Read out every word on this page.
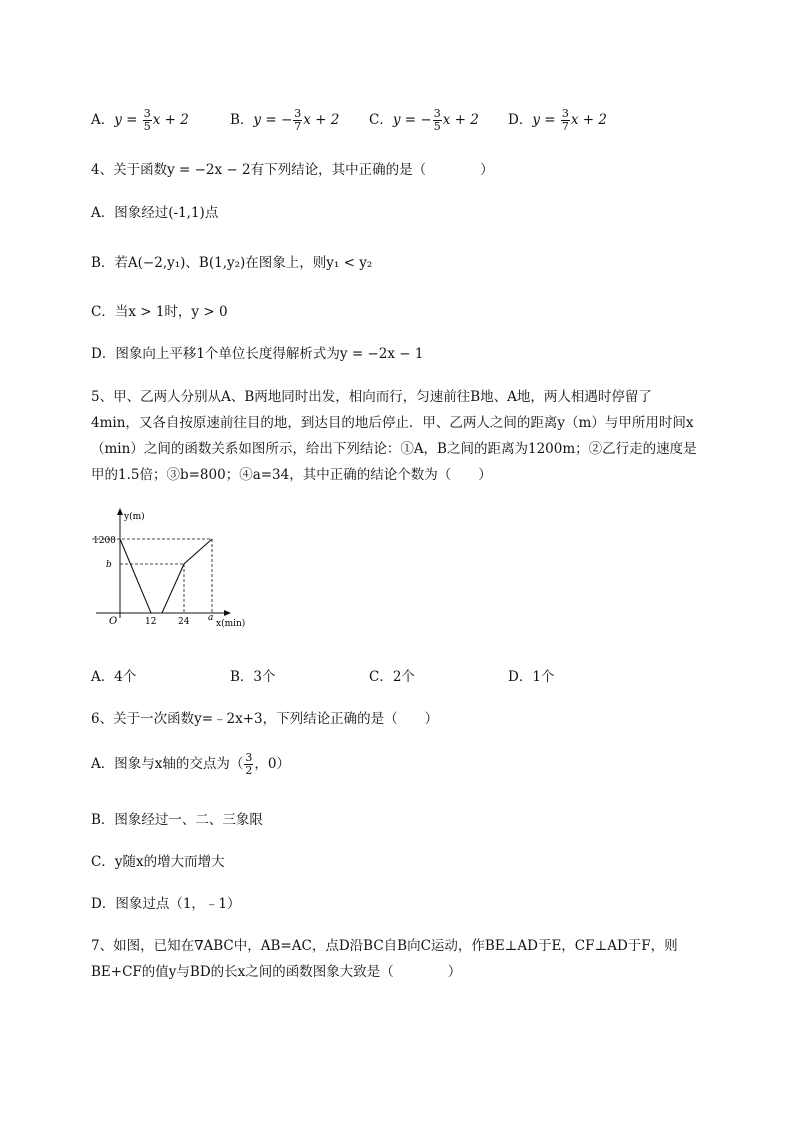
A．$y = \frac{3}{5}$ x + 2	B．y = − $\frac{3}{7}$ x + 2 C．y = − $\frac{3}{5}$ x + 2 D．$y = \frac{3}{7}$ x + 2
4、关于函数y = −2x − 2有下列结论，其中正确的是（　　　　）
A．图象经过(-1,1)点
B．若A(−2,y₁)、B(1,y₂)在图象上，则y₁ < y₂
C．当x > 1时，y > 0
D．图象向上平移1个单位长度得解析式为y = −2x − 1
5、甲、乙两人分别从A、B两地同时出发，相向而行，匀速前往B地、A地，两人相遇时停留了
4min，又各自按原速前往目的地，到达目的地后停止．甲、乙两人之间的距离y（m）与甲所用时间x
（min）之间的函数关系如图所示，给出下列结论：①A，B之间的距离为1200m；②乙行走的速度是
甲的1.5倍；③b=800；④a=34，其中正确的结论个数为（　　）
y(m)
1200
b
O	12 24 a
x(min)
A．4个	B．3个	C．2个	D．1个
6、关于一次函数y=﹣2x+3，下列结论正确的是（　　）
A．图象与x轴的交点为（ $\frac{3}{2}$ ，0）
B．图象经过一、二、三象限
C．y随x的增大而增大
D．图象过点（1，﹣1）
7、如图，已知在∇ABC中，AB=AC，点D沿BC自B向C运动，作BE⊥AD于E，CF⊥AD于F，则
BE+CF的值y与BD的长x之间的函数图象大致是（　　　　）
